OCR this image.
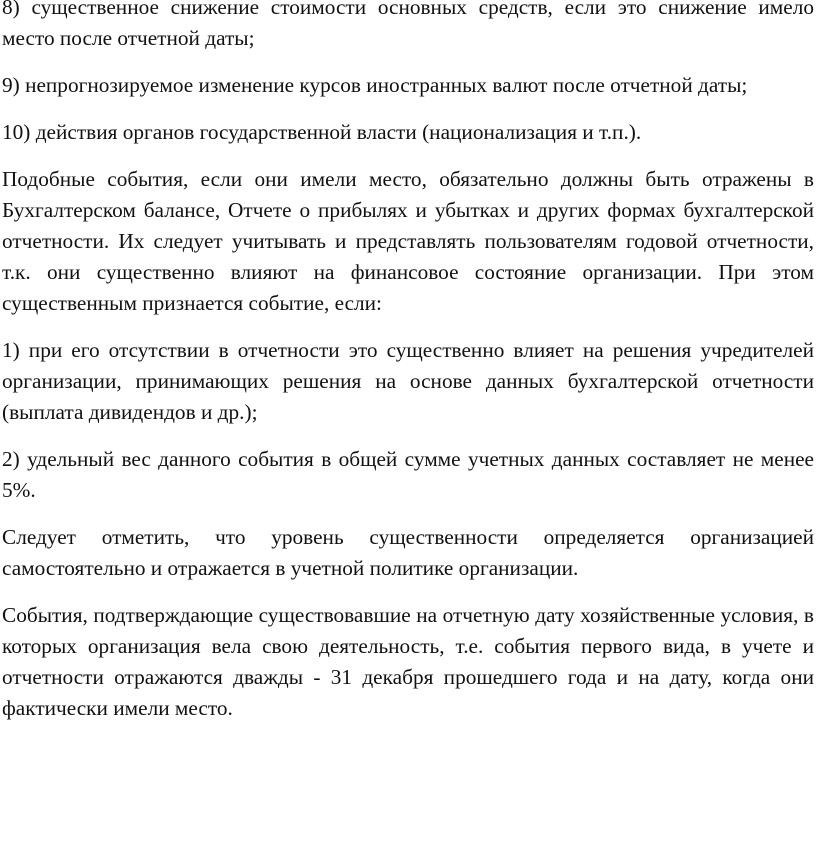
8) существенное снижение стоимости основных средств, если это снижение имело место после отчетной даты;

9) непрогнозируемое изменение курсов иностранных валют после отчетной даты;

10) действия органов государственной власти (национализация и т.п.).

Подобные события, если они имели место, обязательно должны быть отражены в Бухгалтерском балансе, Отчете о прибылях и убытках и других формах бухгалтерской отчетности. Их следует учитывать и представлять пользователям годовой отчетности, т.к. они существенно влияют на финансовое состояние организации. При этом существенным признается событие, если:

1) при его отсутствии в отчетности это существенно влияет на решения учредителей организации, принимающих решения на основе данных бухгалтерской отчетности (выплата дивидендов и др.);

2) удельный вес данного события в общей сумме учетных данных составляет не менее 5%.

Следует отметить, что уровень существенности определяется организацией самостоятельно и отражается в учетной политике организации.

События, подтверждающие существовавшие на отчетную дату хозяйственные условия, в которых организация вела свою деятельность, т.е. события первого вида, в учете и отчетности отражаются дважды - 31 декабря прошедшего года и на дату, когда они фактически имели место.
